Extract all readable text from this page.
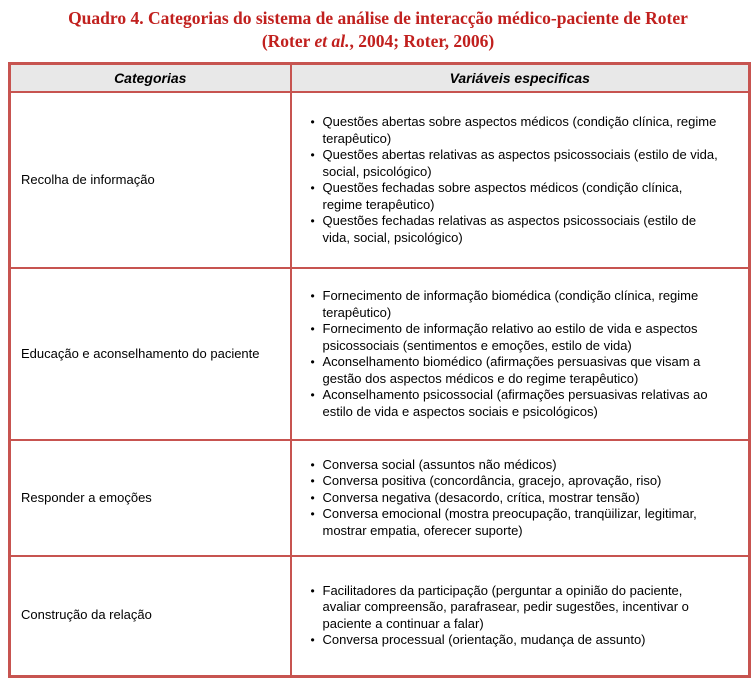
Quadro 4. Categorias do sistema de análise de interacção médico-paciente de Roter
(Roter et al., 2004; Roter, 2006)
Categorias	Variáveis especificas
Recolha de informação	
• Questões abertas sobre aspectos médicos (condição clínica, regime terapêutico)
• Questões abertas relativas as aspectos psicossociais (estilo de vida, social, psicológico)
• Questões fechadas sobre aspectos médicos (condição clínica, regime terapêutico)
• Questões fechadas relativas as aspectos psicossociais (estilo de vida, social, psicológico)

Educação e aconselhamento do paciente	
• Fornecimento de informação biomédica (condição clínica, regime terapêutico)
• Fornecimento de informação relativo ao estilo de vida e aspectos psicossociais (sentimentos e emoções, estilo de vida)
• Aconselhamento biomédico (afirmações persuasivas que visam a gestão dos aspectos médicos e do regime terapêutico)
• Aconselhamento psicossocial (afirmações persuasivas relativas ao estilo de vida e aspectos sociais e psicológicos)

Responder a emoções	
• Conversa social (assuntos não médicos)
• Conversa positiva (concordância, gracejo, aprovação, riso)
• Conversa negativa (desacordo, crítica, mostrar tensão)
• Conversa emocional (mostra preocupação, tranqüilizar, legitimar, mostrar empatia, oferecer suporte)

Construção da relação	
• Facilitadores da participação (perguntar a opinião do paciente, avaliar compreensão, parafrasear, pedir sugestões, incentivar o paciente a continuar a falar)
• Conversa processual (orientação, mudança de assunto)
